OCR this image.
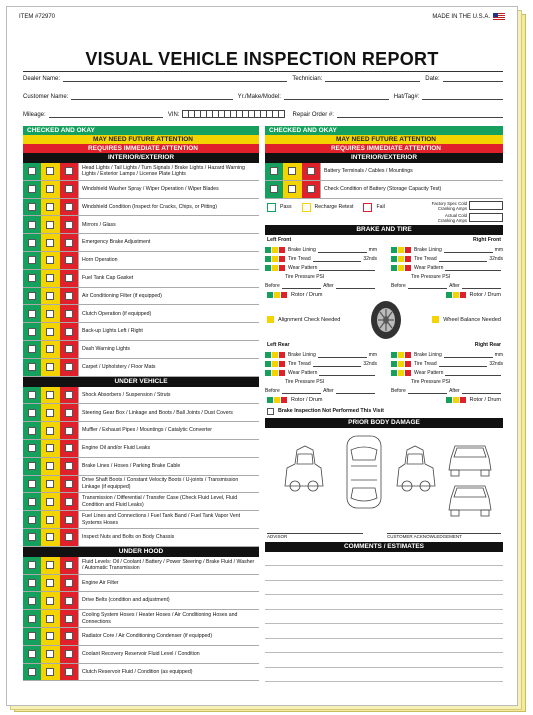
ITEM #72970	MADE IN THE U.S.A.
VISUAL VEHICLE INSPECTION REPORT
Dealer Name:	Technician:	Date:
Customer Name:	Yr./Make/Model:	Hat/Tag#:
Mileage:	VIN:	Repair Order #:
CHECKED AND OKAY
MAY NEED FUTURE ATTENTION
REQUIRES IMMEDIATE ATTENTION
INTERIOR/EXTERIOR
Head Lights / Tail Lights / Turn Signals / Brake Lights / Hazard Warning Lights / Exterior Lamps / License Plate Lights
Windshield Washer Spray / Wiper Operation / Wiper Blades
Windshield Condition (Inspect for Cracks, Chips, or Pitting)
Mirrors / Glass
Emergency Brake Adjustment
Horn Operation
Fuel Tank Cap Gasket
Air Conditioning Filter (if equipped)
Clutch Operation (if equipped)
Back-up Lights Left / Right
Dash Warning Lights
Carpet / Upholstery / Floor Mats
UNDER VEHICLE
Shock Absorbers / Suspension / Struts
Steering Gear Box / Linkage and Boots / Ball Joints / Dust Covers
Muffler / Exhaust Pipes / Mountings / Catalytic Converter
Engine Oil and/or Fluid Leaks
Brake Lines / Hoses / Parking Brake Cable
Drive Shaft Boots / Constant Velocity Boots / U-joints / Transmission Linkage (if equipped)
Transmission / Differential / Transfer Case (Check Fluid Level, Fluid Condition and Fluid Leaks)
Fuel Lines and Connections / Fuel Tank Band / Fuel Tank Vapor Vent Systems Hoses
Inspect Nuts and Bolts on Body Chassis
UNDER HOOD
Fluid Levels: Oil / Coolant / Battery / Power Steering / Brake Fluid / Washer / Automatic Transmission
Engine Air Filter
Drive Belts (condition and adjustment)
Cooling System Hoses / Heater Hoses / Air Conditioning Hoses and Connections
Radiator Core / Air Conditioning Condenser (if equipped)
Coolant Recovery Reservoir Fluid Level / Condition
Clutch Reservoir Fluid / Condition (as equipped)
CHECKED AND OKAY
MAY NEED FUTURE ATTENTION
REQUIRES IMMEDIATE ATTENTION
INTERIOR/EXTERIOR
Battery Terminals / Cables / Mountings
Check Condition of Battery (Storage Capacity Test)
Pass	Recharge Retest	Fail
Factory Spec Cold Cranking Amps
Actual Cold Cranking Amps
BRAKE AND TIRE
Left Front	Right Front
Brake Lining	mm
Tire Tread	32nds
Wear Pattern
Tire Pressure PSI
Before	After
Brake Lining	mm
Tire Tread	32nds
Wear Pattern
Tire Pressure PSI
Before	After
Rotor / Drum	Rotor / Drum
Alignment Check Needed	Wheel Balance Needed
Left Rear	Right Rear
Brake Lining	mm
Tire Tread	32nds
Wear Pattern
Tire Pressure PSI
Before	After
Brake Lining	mm
Tire Tread	32nds
Wear Pattern
Tire Pressure PSI
Before	After
Rotor / Drum	Rotor / Drum
Brake Inspection Not Performed This Visit
PRIOR BODY DAMAGE
ADVISOR	CUSTOMER ACKNOWLEDGEMENT
COMMENTS / ESTIMATES
